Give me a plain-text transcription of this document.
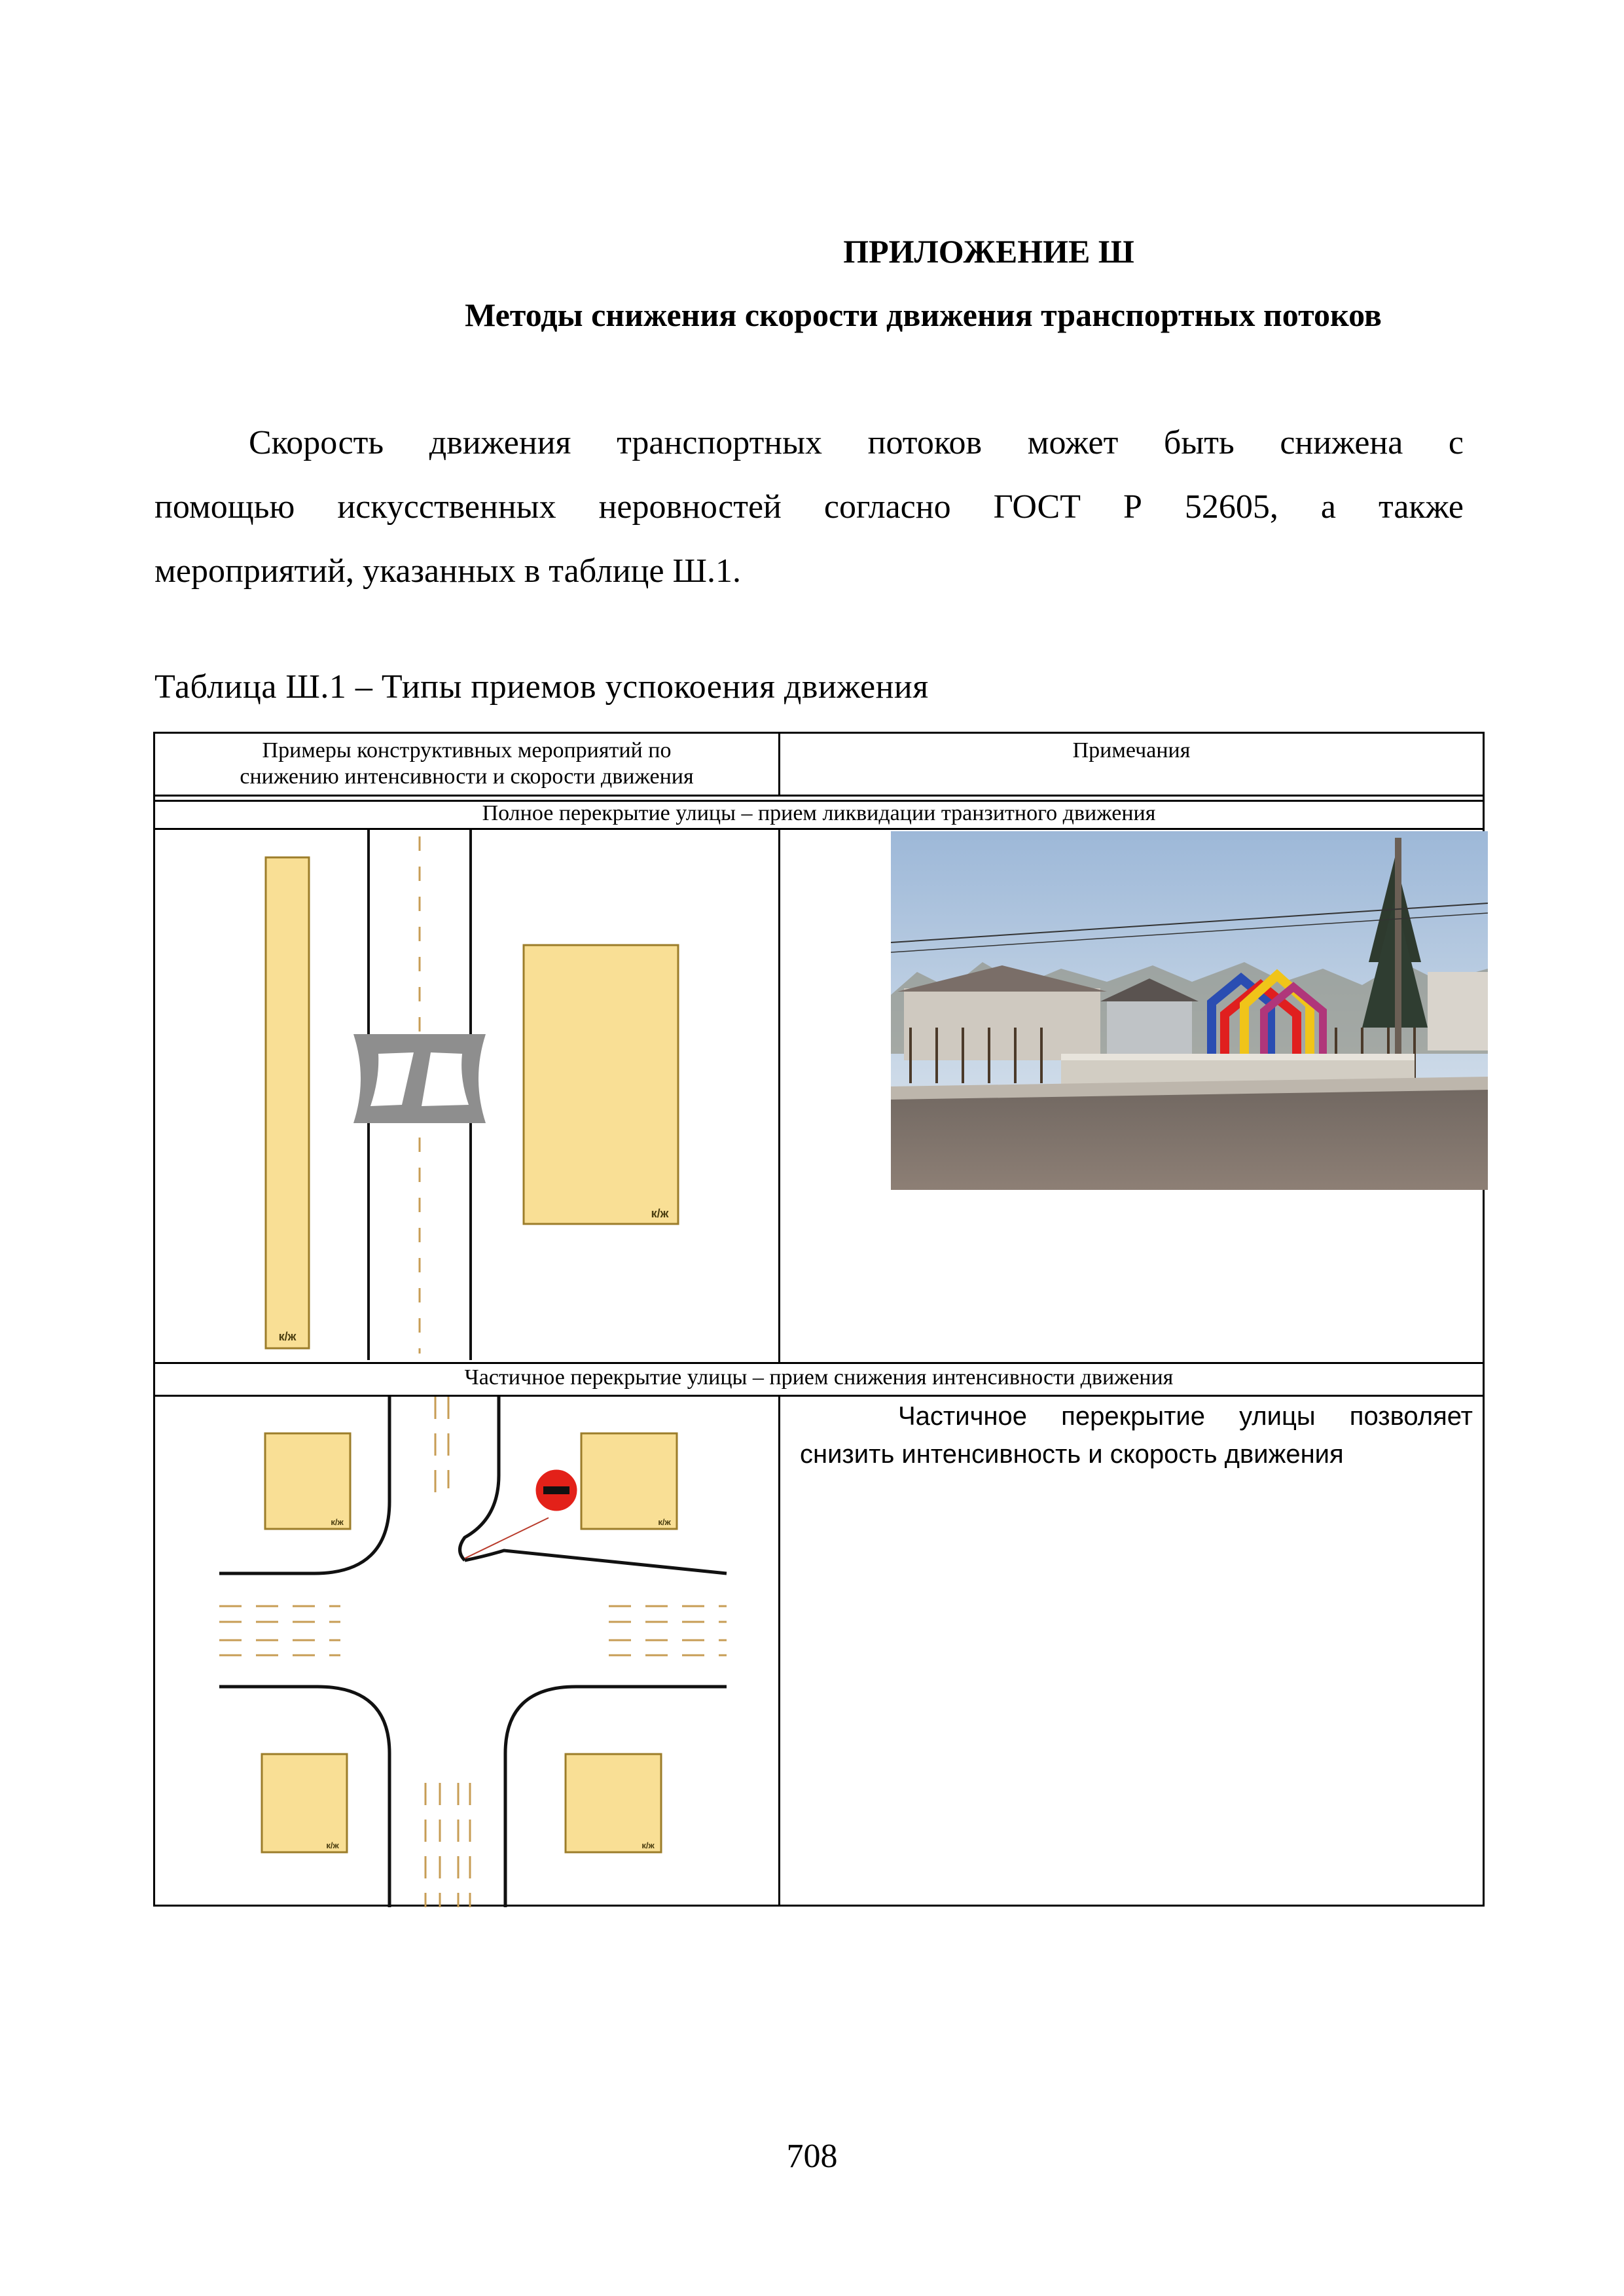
ПРИЛОЖЕНИЕ Ш
Методы снижения скорости движения транспортных потоков
Скорость движения транспортных потоков может быть снижена с
помощью искусственных неровностей согласно ГОСТ Р 52605, а также
мероприятий, указанных в таблице Ш.1.
Таблица Ш.1 – Типы приемов успокоения движения
Примеры конструктивных мероприятий по
снижению интенсивности и скорости движения
Примечания
Полное перекрытие улицы – прием ликвидации транзитного движения
Частичное перекрытие улицы – прием снижения интенсивности движения
к/ж
к/ж
к/ж	к/ж
к/ж	к/ж
Частичное перекрытие улицы позволяет
снизить интенсивность и скорость движения
708
